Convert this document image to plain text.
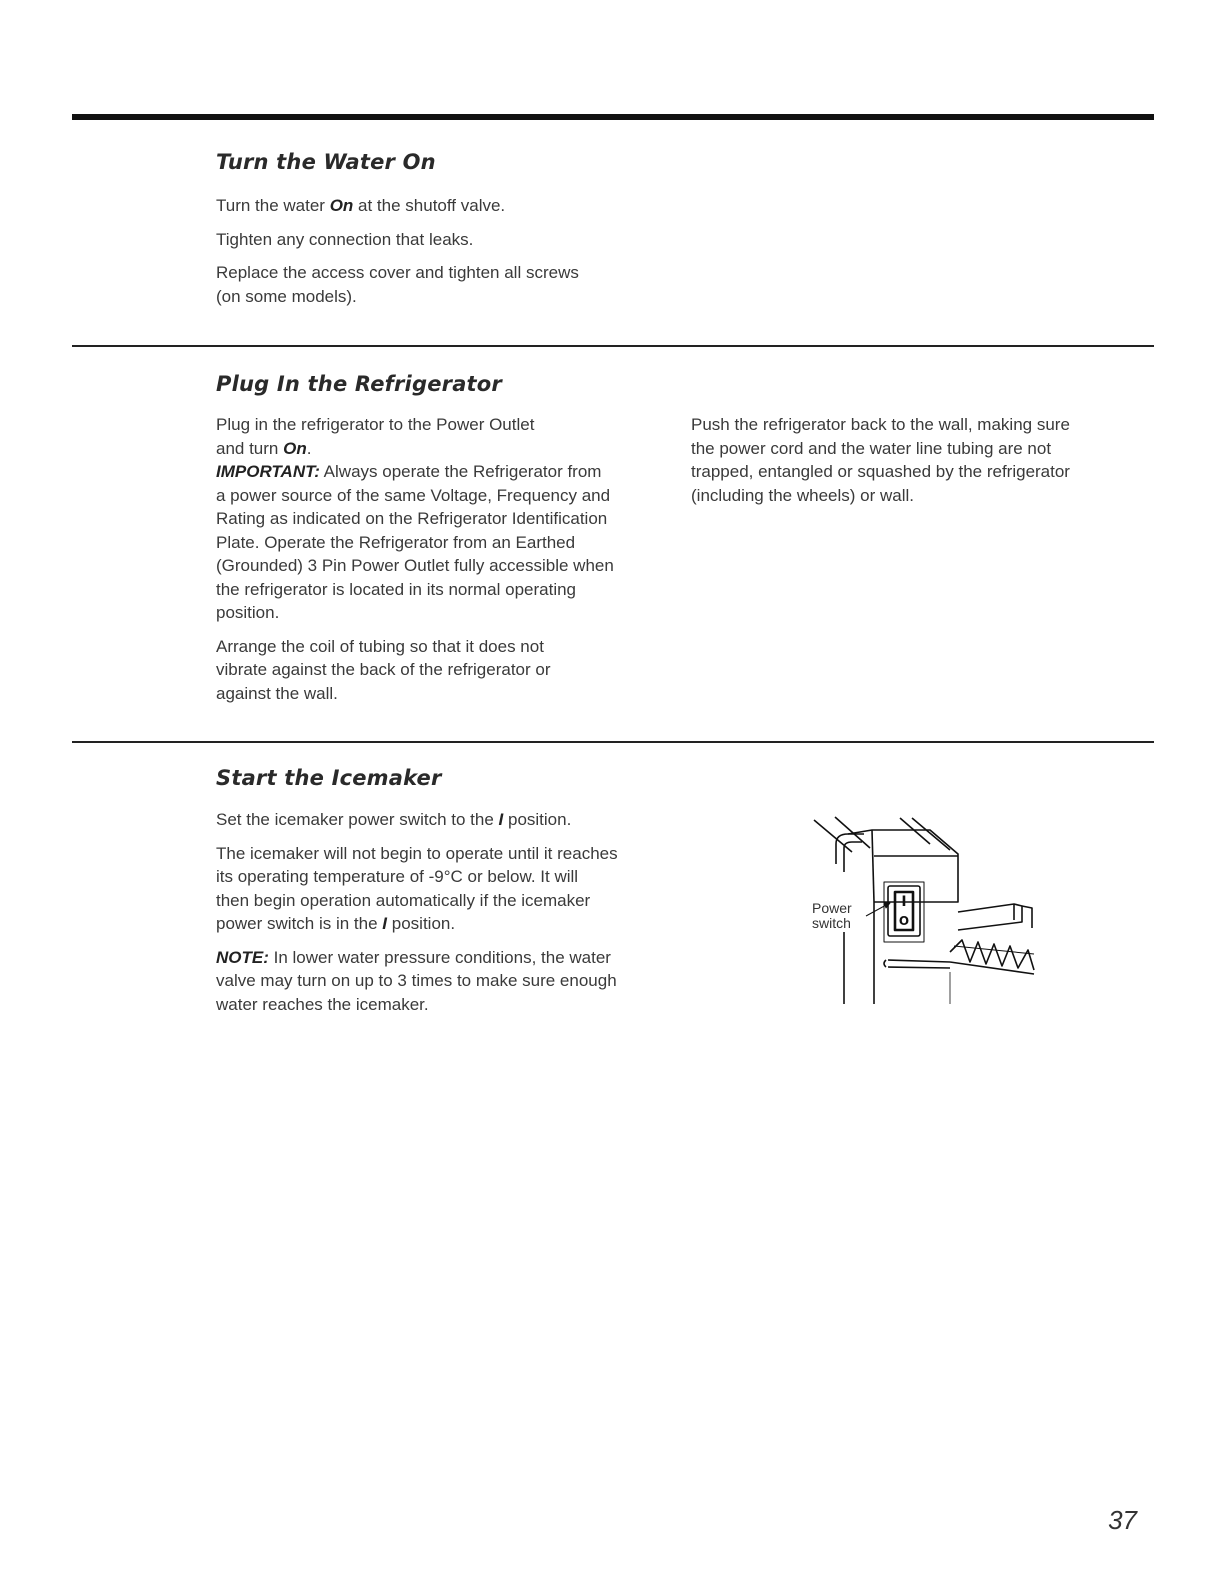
Turn the Water On

Turn the water On at the shutoff valve.

Tighten any connection that leaks.

Replace the access cover and tighten all screws
(on some models).

Plug In the Refrigerator

Plug in the refrigerator to the Power Outlet
and turn On.

IMPORTANT: Always operate the Refrigerator from
a power source of the same Voltage, Frequency and
Rating as indicated on the Refrigerator Identification
Plate. Operate the Refrigerator from an Earthed
(Grounded) 3 Pin Power Outlet fully accessible when
the refrigerator is located in its normal operating
position.

Arrange the coil of tubing so that it does not
vibrate against the back of the refrigerator or
against the wall.

Push the refrigerator back to the wall, making sure
the power cord and the water line tubing are not
trapped, entangled or squashed by the refrigerator
(including the wheels) or wall.

Start the Icemaker

Set the icemaker power switch to the I position.

The icemaker will not begin to operate until it reaches
its operating temperature of -9°C or below. It will
then begin operation automatically if the icemaker
power switch is in the I position.

NOTE: In lower water pressure conditions, the water
valve may turn on up to 3 times to make sure enough
water reaches the icemaker.

I
O
Power
switch
37
